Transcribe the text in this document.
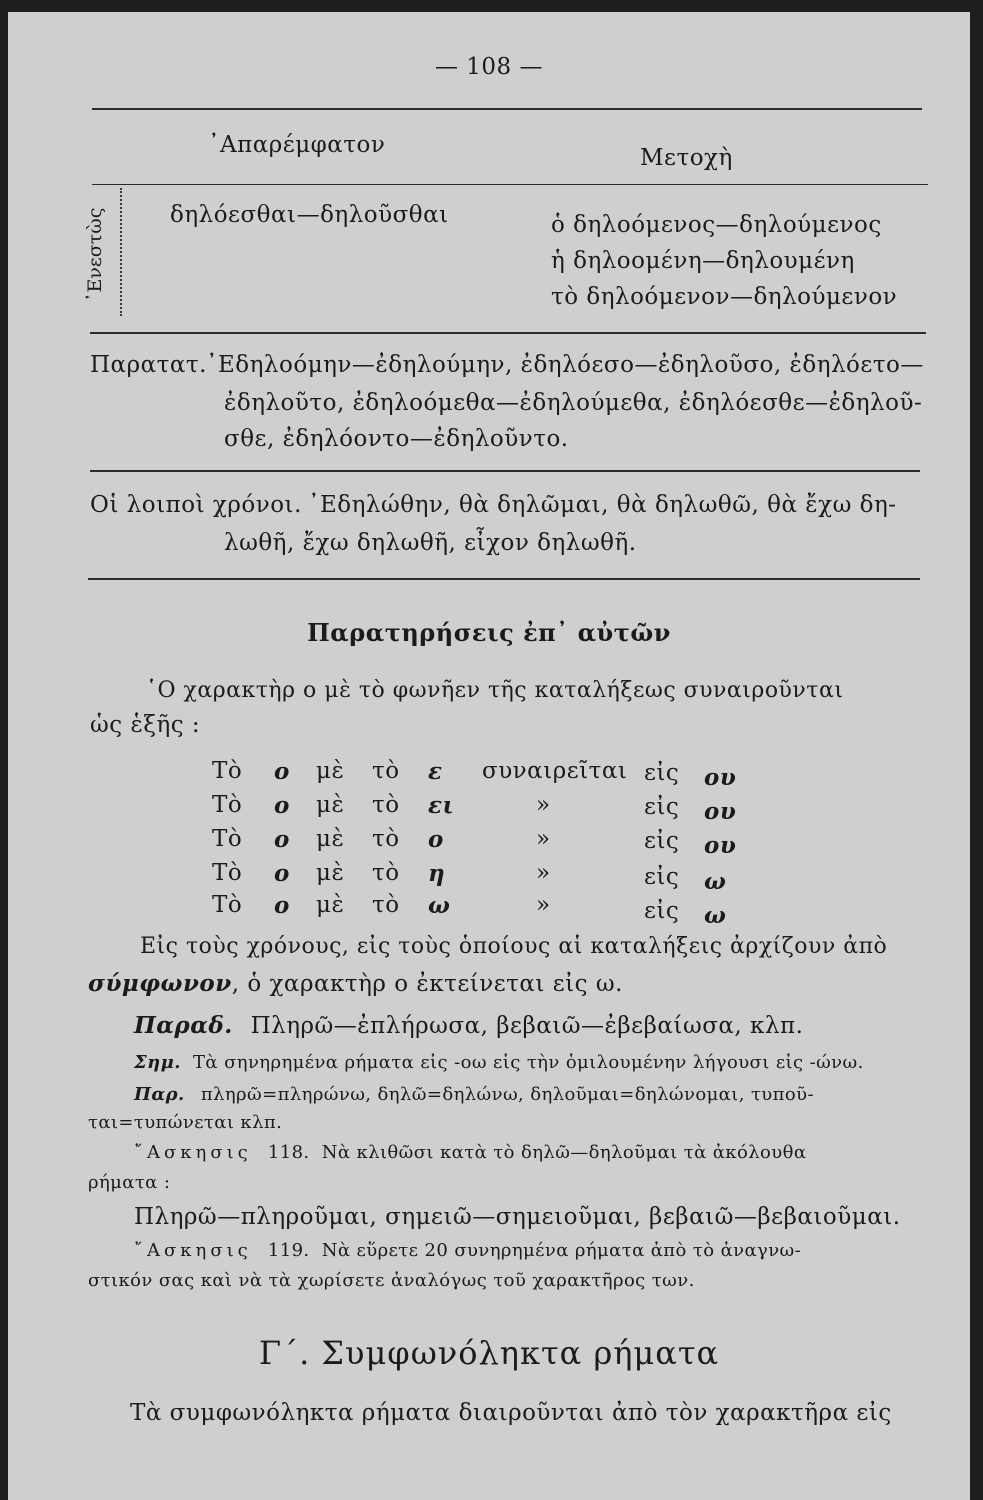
— 108 —
᾿Απαρέμφατον	Μετοχὴ
᾿Ενεστὼς	δηλόεσθαι—δηλοῦσθαι	ὁ δηλοόμενος—δηλούμενος
ἡ δηλοομένη—δηλουμένη
τὸ δηλοόμενον—δηλούμενον
Παρατατ. ᾿Εδηλοόμην—ἐδηλούμην, ἐδηλόεσο—ἐδηλοῦσο, ἐδηλόετο—
ἐδηλοῦτο, ἐδηλοόμεθα—ἐδηλούμεθα, ἐδηλόεσθε—ἐδηλοῦ-
σθε, ἐδηλόοντο—ἐδηλοῦντο.
Οἱ λοιποὶ χρόνοι. ᾿Εδηλώθην, θὰ δηλῶμαι, θὰ δηλωθῶ, θὰ ἔχω δη-
λωθῆ, ἔχω δηλωθῆ, εἶχον δηλωθῆ.
Παρατηρήσεις ἐπ᾿ αὐτῶν
῾Ο χαρακτὴρ ο μὲ τὸ φωνῆεν τῆς καταλήξεως συναιροῦνται
ὡς ἑξῆς :
Τὸ ο μὲ τὸ ε συναιρεῖται εἰς ου
Τὸ ο μὲ τὸ ει	»	εἰς ου
Τὸ ο μὲ τὸ ο	»	εἰς ου
Τὸ ο μὲ τὸ η	»	εἰς ω
Τὸ ο μὲ τὸ ω	»	εἰς ω
Εἰς τοὺς χρόνους, εἰς τοὺς ὁποίους αἱ καταλήξεις ἀρχίζουν ἀπὸ
σύμφωνον, ὁ χαρακτὴρ ο ἐκτείνεται εἰς ω.
Παραδ. Πληρῶ—ἐπλήρωσα, βεβαιῶ—ἐβεβαίωσα, κλπ.
Σημ. Τὰ σηνηρημένα ρήματα εἰς -οω εἰς τὴν ὁμιλουμένην λήγουσι εἰς -ώνω.
Παρ. πληρῶ=πληρώνω, δηλῶ=δηλώνω, δηλοῦμαι=δηλώνομαι, τυποῦ-
ται=τυπώνεται κλπ.
῎Ασκησις 118. Νὰ κλιθῶσι κατὰ τὸ δηλῶ—δηλοῦμαι τὰ ἀκόλουθα
ρήματα :
Πληρῶ—πληροῦμαι, σημειῶ—σημειοῦμαι, βεβαιῶ—βεβαιοῦμαι.
῎Ασκησις 119. Νὰ εὕρετε 20 συνηρημένα ρήματα ἀπὸ τὸ ἀναγνω-
στικόν σας καὶ νὰ τὰ χωρίσετε ἀναλόγως τοῦ χαρακτῆρος των.
Γ΄. Συμφωνόληκτα ρήματα
Τὰ συμφωνόληκτα ρήματα διαιροῦνται ἀπὸ τὸν χαρακτῆρα εἰς
